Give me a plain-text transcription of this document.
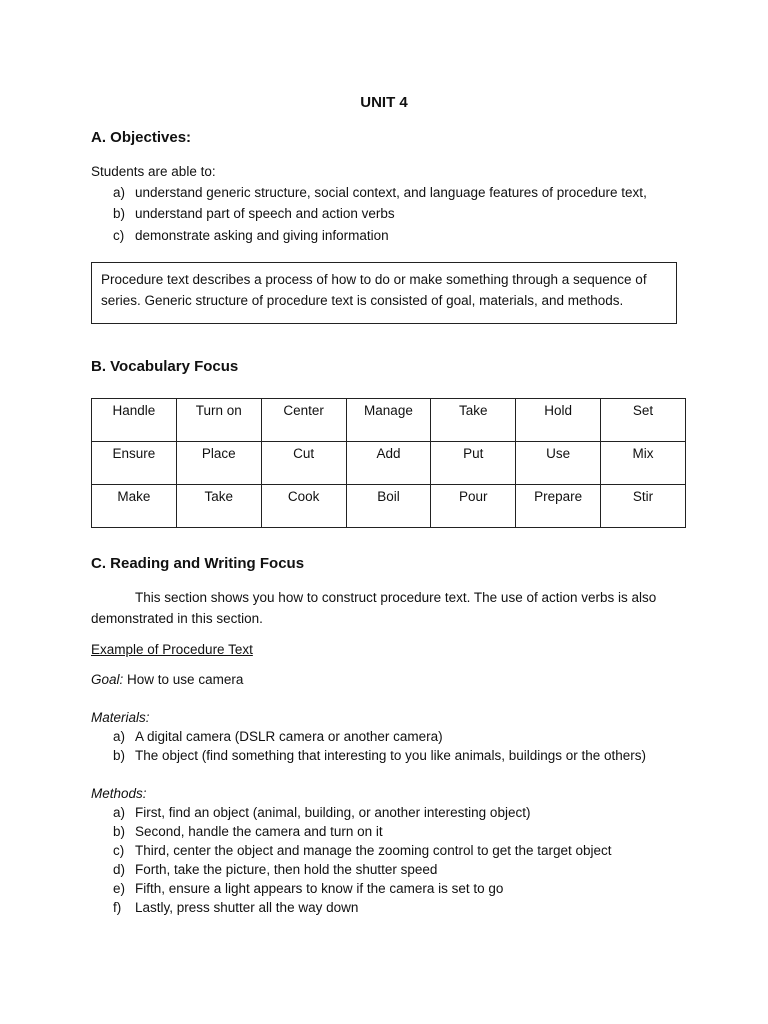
UNIT 4
A. Objectives:
Students are able to:
a) understand generic structure, social context, and language features of procedure text,
b) understand part of speech and action verbs
c) demonstrate asking and giving information
Procedure text describes a process of how to do or make something through a sequence of
series. Generic structure of procedure text is consisted of goal, materials, and methods.
B. Vocabulary Focus
Handle	Turn on	Center	Manage	Take	Hold	Set
Ensure	Place	Cut	Add	Put	Use	Mix
Make	Take	Cook	Boil	Pour	Prepare	Stir
C. Reading and Writing Focus
This section shows you how to construct procedure text. The use of action verbs is also
demonstrated in this section.
Example of Procedure Text
Goal: How to use camera
Materials:
a) A digital camera (DSLR camera or another camera)
b) The object (find something that interesting to you like animals, buildings or the others)
Methods:
a) First, find an object (animal, building, or another interesting object)
b) Second, handle the camera and turn on it
c) Third, center the object and manage the zooming control to get the target object
d) Forth, take the picture, then hold the shutter speed
e) Fifth, ensure a light appears to know if the camera is set to go
f) Lastly, press shutter all the way down
